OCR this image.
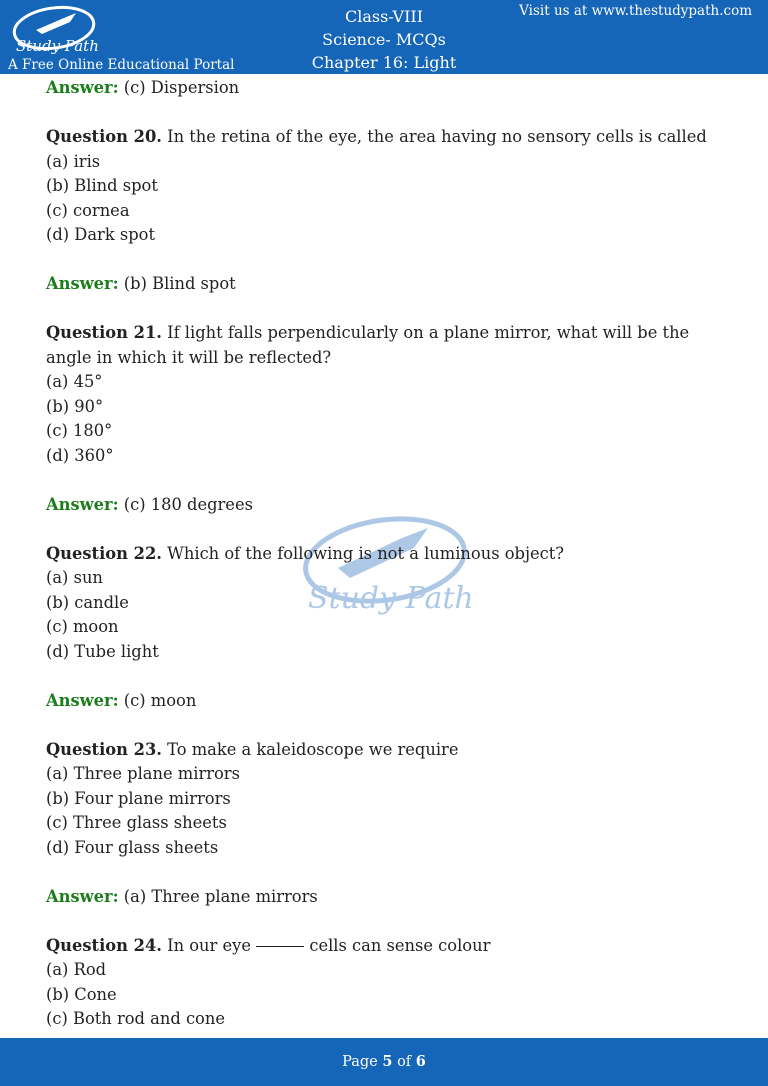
Study Path
A Free Online Educational Portal
Class-VIII
Science- MCQs
Chapter 16: Light
Visit us at www.thestudypath.com
Study Path

Answer: (c) Dispersion

Question 20. In the retina of the eye, the area having no sensory cells is called

(a) iris

(b) Blind spot

(c) cornea

(d) Dark spot

Answer: (b) Blind spot

Question 21. If light falls perpendicularly on a plane mirror, what will be the angle in which it will be reflected?

(a) 45°

(b) 90°

(c) 180°

(d) 360°

Answer: (c) 180 degrees

Question 22. Which of the following is not a luminous object?

(a) sun

(b) candle

(c) moon

(d) Tube light

Answer: (c) moon

Question 23. To make a kaleidoscope we require

(a) Three plane mirrors

(b) Four plane mirrors

(c) Three glass sheets

(d) Four glass sheets

Answer: (a) Three plane mirrors

Question 24. In our eye	cells can sense colour

(a) Rod

(b) Cone

(c) Both rod and cone

Page 5 of 6
